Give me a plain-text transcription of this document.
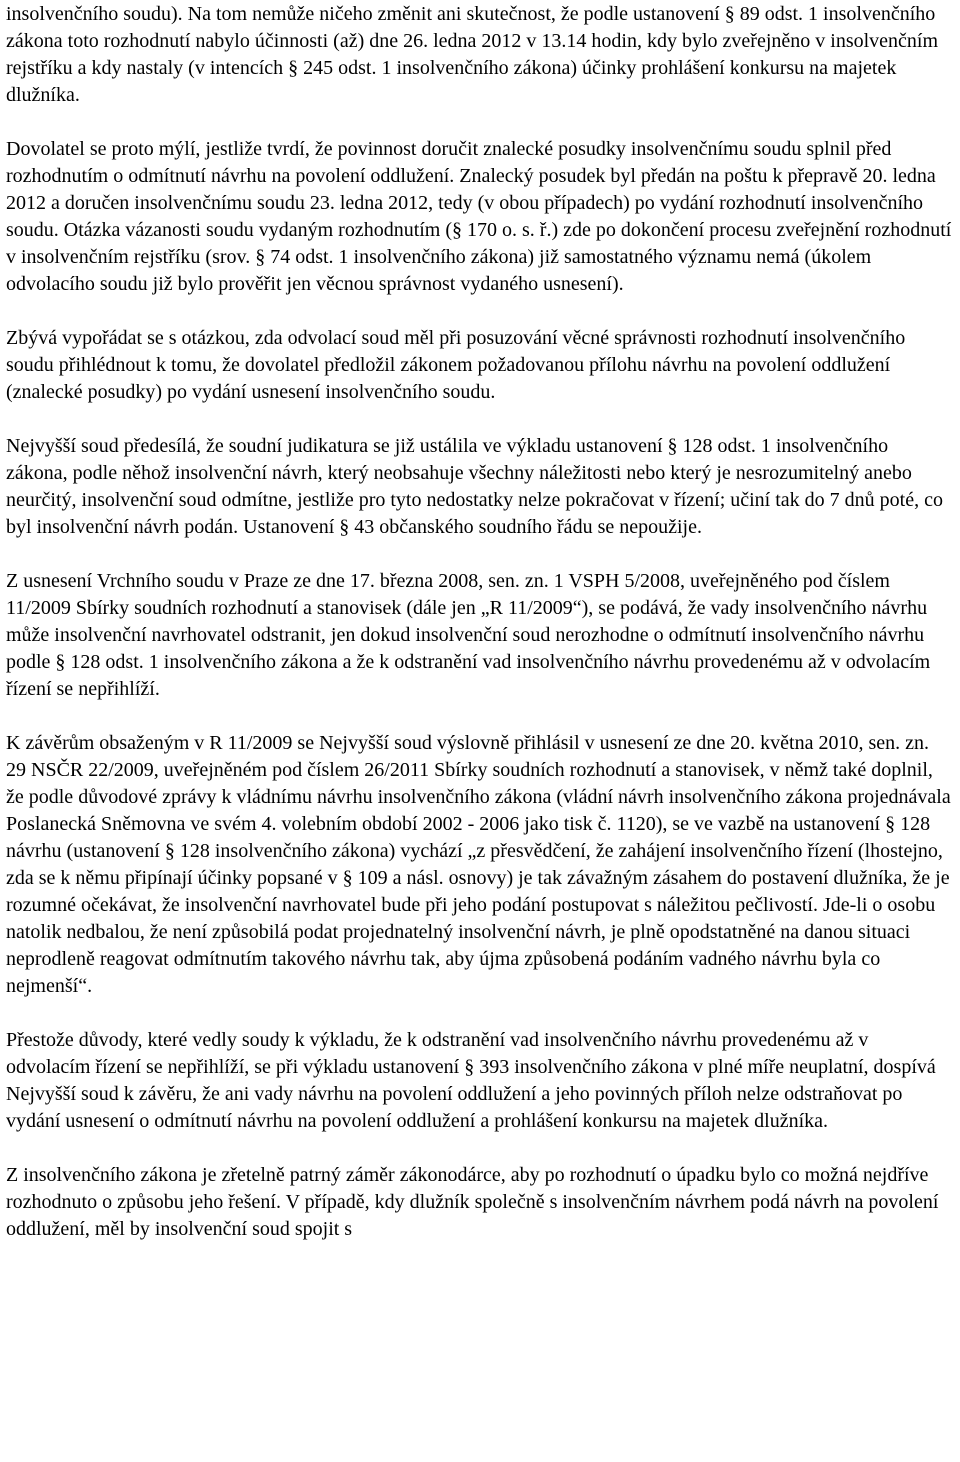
insolvenčního soudu). Na tom nemůže ničeho změnit ani skutečnost, že podle ustanovení § 89 odst. 1 insolvenčního zákona toto rozhodnutí nabylo účinnosti (až) dne 26. ledna 2012 v 13.14 hodin, kdy bylo zveřejněno v insolvenčním rejstříku a kdy nastaly (v intencích § 245 odst. 1 insolvenčního zákona) účinky prohlášení konkursu na majetek dlužníka.

Dovolatel se proto mýlí, jestliže tvrdí, že povinnost doručit znalecké posudky insolvenčnímu soudu splnil před rozhodnutím o odmítnutí návrhu na povolení oddlužení. Znalecký posudek byl předán na poštu k přepravě 20. ledna 2012 a doručen insolvenčnímu soudu 23. ledna 2012, tedy (v obou případech) po vydání rozhodnutí insolvenčního soudu. Otázka vázanosti soudu vydaným rozhodnutím (§ 170 o. s. ř.) zde po dokončení procesu zveřejnění rozhodnutí v insolvenčním rejstříku (srov. § 74 odst. 1 insolvenčního zákona) již samostatného významu nemá (úkolem odvolacího soudu již bylo prověřit jen věcnou správnost vydaného usnesení).

Zbývá vypořádat se s otázkou, zda odvolací soud měl při posuzování věcné správnosti rozhodnutí insolvenčního soudu přihlédnout k tomu, že dovolatel předložil zákonem požadovanou přílohu návrhu na povolení oddlužení (znalecké posudky) po vydání usnesení insolvenčního soudu.

Nejvyšší soud předesílá, že soudní judikatura se již ustálila ve výkladu ustanovení § 128 odst. 1 insolvenčního zákona, podle něhož insolvenční návrh, který neobsahuje všechny náležitosti nebo který je nesrozumitelný anebo neurčitý, insolvenční soud odmítne, jestliže pro tyto nedostatky nelze pokračovat v řízení; učiní tak do 7 dnů poté, co byl insolvenční návrh podán. Ustanovení § 43 občanského soudního řádu se nepoužije.

Z usnesení Vrchního soudu v Praze ze dne 17. března 2008, sen. zn. 1 VSPH 5/2008, uveřejněného pod číslem 11/2009 Sbírky soudních rozhodnutí a stanovisek (dále jen „R 11/2009“), se podává, že vady insolvenčního návrhu může insolvenční navrhovatel odstranit, jen dokud insolvenční soud nerozhodne o odmítnutí insolvenčního návrhu podle § 128 odst. 1 insolvenčního zákona a že k odstranění vad insolvenčního návrhu provedenému až v odvolacím řízení se nepřihlíží.

K závěrům obsaženým v R 11/2009 se Nejvyšší soud výslovně přihlásil v usnesení ze dne 20. května 2010, sen. zn. 29 NSČR 22/2009, uveřejněném pod číslem 26/2011 Sbírky soudních rozhodnutí a stanovisek, v němž také doplnil, že podle důvodové zprávy k vládnímu návrhu insolvenčního zákona (vládní návrh insolvenčního zákona projednávala Poslanecká Sněmovna ve svém 4. volebním období 2002 - 2006 jako tisk č. 1120), se ve vazbě na ustanovení § 128 návrhu (ustanovení § 128 insolvenčního zákona) vychází „z přesvědčení, že zahájení insolvenčního řízení (lhostejno, zda se k němu připínají účinky popsané v § 109 a násl. osnovy) je tak závažným zásahem do postavení dlužníka, že je rozumné očekávat, že insolvenční navrhovatel bude při jeho podání postupovat s náležitou pečlivostí. Jde-li o osobu natolik nedbalou, že není způsobilá podat projednatelný insolvenční návrh, je plně opodstatněné na danou situaci neprodleně reagovat odmítnutím takového návrhu tak, aby újma způsobená podáním vadného návrhu byla co nejmenší“.

Přestože důvody, které vedly soudy k výkladu, že k odstranění vad insolvenčního návrhu provedenému až v odvolacím řízení se nepřihlíží, se při výkladu ustanovení § 393 insolvenčního zákona v plné míře neuplatní, dospívá Nejvyšší soud k závěru, že ani vady návrhu na povolení oddlužení a jeho povinných příloh nelze odstraňovat po vydání usnesení o odmítnutí návrhu na povolení oddlužení a prohlášení konkursu na majetek dlužníka.

Z insolvenčního zákona je zřetelně patrný záměr zákonodárce, aby po rozhodnutí o úpadku bylo co možná nejdříve rozhodnuto o způsobu jeho řešení. V případě, kdy dlužník společně s insolvenčním návrhem podá návrh na povolení oddlužení, měl by insolvenční soud spojit s
